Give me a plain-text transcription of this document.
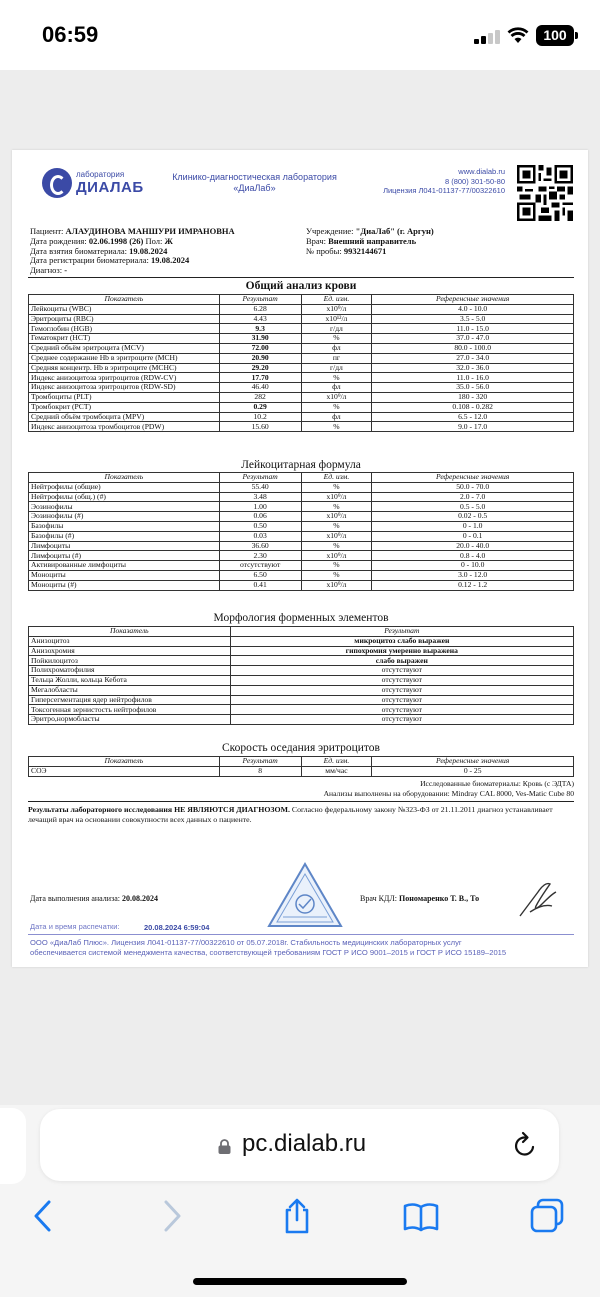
06:59	100
лаборатория
ДИАЛАБ
Клинико-диагностическая лаборатория
«ДиаЛаб»
www.dialab.ru
8 (800) 301-50-80
Лицензия Л041-01137-77/00322610
Пациент: АЛАУДИНОВА МАНШУРИ ИМРАНОВНА
Дата рождения: 02.06.1998 (26) Пол: Ж
Дата взятия биоматериала: 19.08.2024
Дата регистрации биоматериала: 19.08.2024
Диагноз: -
Учреждение: "ДиаЛаб" (г. Аргун)
Врач: Внешний направитель
№ пробы: 9932144671
Общий анализ крови
Показатель	Результат	Ед. изм.	Референсные значения
Лейкоциты (WBC)	6.28	x10⁹/л	4.0 - 10.0
Эритроциты (RBC)	4.43	x10¹²/л	3.5 - 5.0
Гемоглобин (HGB)	9.3	г/дл	11.0 - 15.0
Гематокрит (HCT)	31.90	%	37.0 - 47.0
Средний объём эритроцита (MCV)	72.00	фл	80.0 - 100.0
Среднее содержание Hb в эритроците (MCH)	20.90	пг	27.0 - 34.0
Средняя концентр. Hb в эритроците (MCHC)	29.20	г/дл	32.0 - 36.0
Индекс анизоцитоза эритроцитов (RDW-CV)	17.70	%	11.0 - 16.0
Индекс анизоцитоза эритроцитов (RDW-SD)	46.40	фл	35.0 - 56.0
Тромбоциты (PLT)	282	x10⁹/л	180 - 320
Тромбокрит (PCT)	0.29	%	0.108 - 0.282
Средний объём тромбоцита (MPV)	10.2	фл	6.5 - 12.0
Индекс анизоцитоза тромбоцитов (PDW)	15.60	%	9.0 - 17.0
Лейкоцитарная формула
Показатель	Результат	Ед. изм.	Референсные значения
Нейтрофилы (общие)	55.40	%	50.0 - 70.0
Нейтрофилы (общ.) (#)	3.48	x10⁹/л	2.0 - 7.0
Эозинофилы	1.00	%	0.5 - 5.0
Эозинофилы (#)	0.06	x10⁹/л	0.02 - 0.5
Базофилы	0.50	%	0 - 1.0
Базофилы (#)	0.03	x10⁹/л	0 - 0.1
Лимфоциты	36.60	%	20.0 - 40.0
Лимфоциты (#)	2.30	x10⁹/л	0.8 - 4.0
Активированные лимфоциты	отсутствуют	%	0 - 10.0
Моноциты	6.50	%	3.0 - 12.0
Моноциты (#)	0.41	x10⁹/л	0.12 - 1.2
Морфология форменных элементов
Показатель	Результат
Анизоцитоз	микроцитоз слабо выражен
Анизохромия	гипохромия умеренно выражена
Пойкилоцитоз	слабо выражен
Полихроматофилия	отсутствуют
Тельца Жолли, кольца Кебота	отсутствуют
Мегалобласты	отсутствуют
Гиперсегментация ядер нейтрофилов	отсутствуют
Токсогенная зернистость нейтрофилов	отсутствуют
Эритро,нормобласты	отсутствуют
Скорость оседания эритроцитов
Показатель	Результат	Ед. изм.	Референсные значения
СОЭ	8	мм/час	0 - 25
Исследованные биоматериалы: Кровь (с ЭДТА)
Анализы выполнены на оборудовании: Mindray CAL 8000, Ves-Matic Cube 80
Результаты лабораторного исследования НЕ ЯВЛЯЮТСЯ ДИАГНОЗОМ. Согласно федеральному закону №323-ФЗ от 21.11.2011 диагноз устанавливает лечащий врач на основании совокупности всех данных о пациенте.
Дата выполнения анализа: 20.08.2024	Врач КДЛ: Пономаренко Т. В., То
Дата и время распечатки:	20.08.2024 6:59:04
ООО «ДиаЛаб Плюс». Лицензия Л041-01137-77/00322610 от 05.07.2018г. Стабильность медицинских лабораторных услуг
обеспечивается системой менеджмента качества, соответствующей требованиям ГОСТ Р ИСО 9001–2015 и ГОСТ Р ИСО 15189–2015
pc.dialab.ru
